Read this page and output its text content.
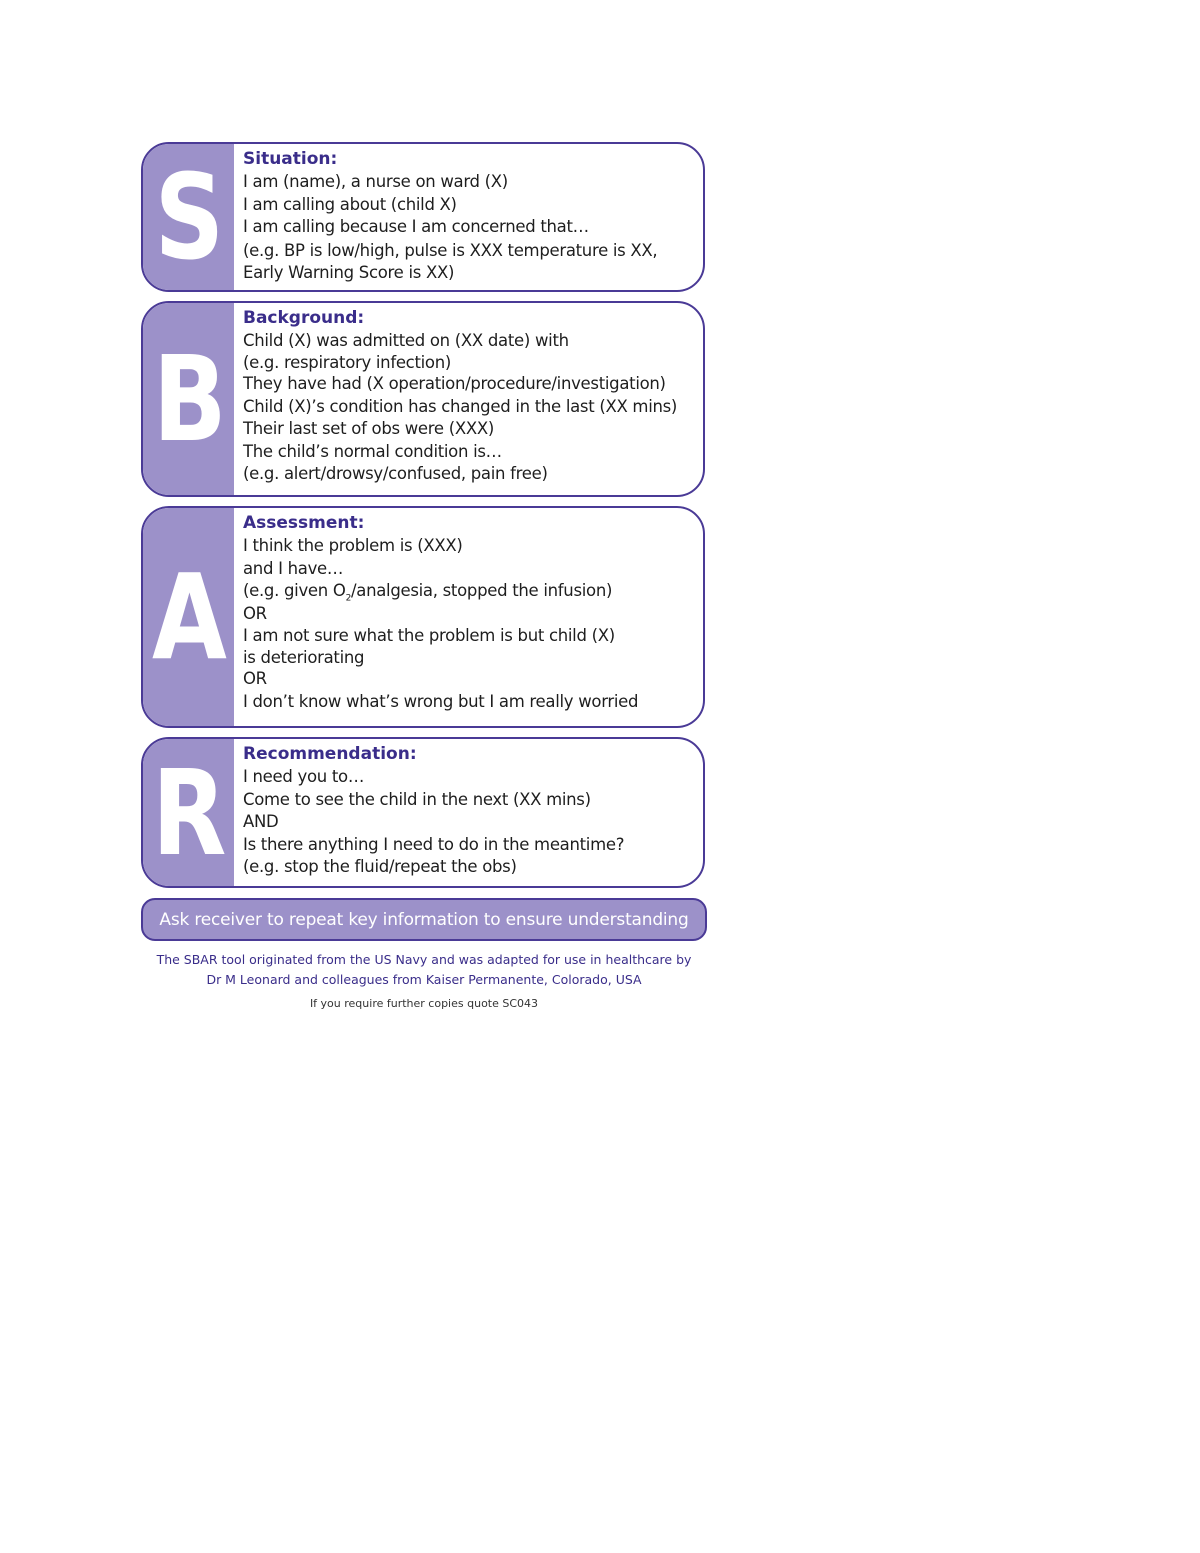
S Situation:
I am (name), a nurse on ward (X)
I am calling about (child X)
I am calling because I am concerned that…
(e.g. BP is low/high, pulse is XXX temperature is XX,
Early Warning Score is XX)
B
Background:
Child (X) was admitted on (XX date) with
(e.g. respiratory infection)
They have had (X operation/procedure/investigation)
Child (X)’s condition has changed in the last (XX mins)
Their last set of obs were (XXX)
The child’s normal condition is…
(e.g. alert/drowsy/confused, pain free)
A
Assessment:
I think the problem is (XXX)
and I have…
(e.g. given $O_2$/analgesia, stopped the infusion)
OR
I am not sure what the problem is but child (X)
is deteriorating
OR
I don’t know what’s wrong but I am really worried
R Recommendation:
I need you to…
Come to see the child in the next (XX mins)
AND
Is there anything I need to do in the meantime?
(e.g. stop the fluid/repeat the obs)
Ask receiver to repeat key information to ensure understanding
The SBAR tool originated from the US Navy and was adapted for use in healthcare by
Dr M Leonard and colleagues from Kaiser Permanente, Colorado, USA
If you require further copies quote SC043
